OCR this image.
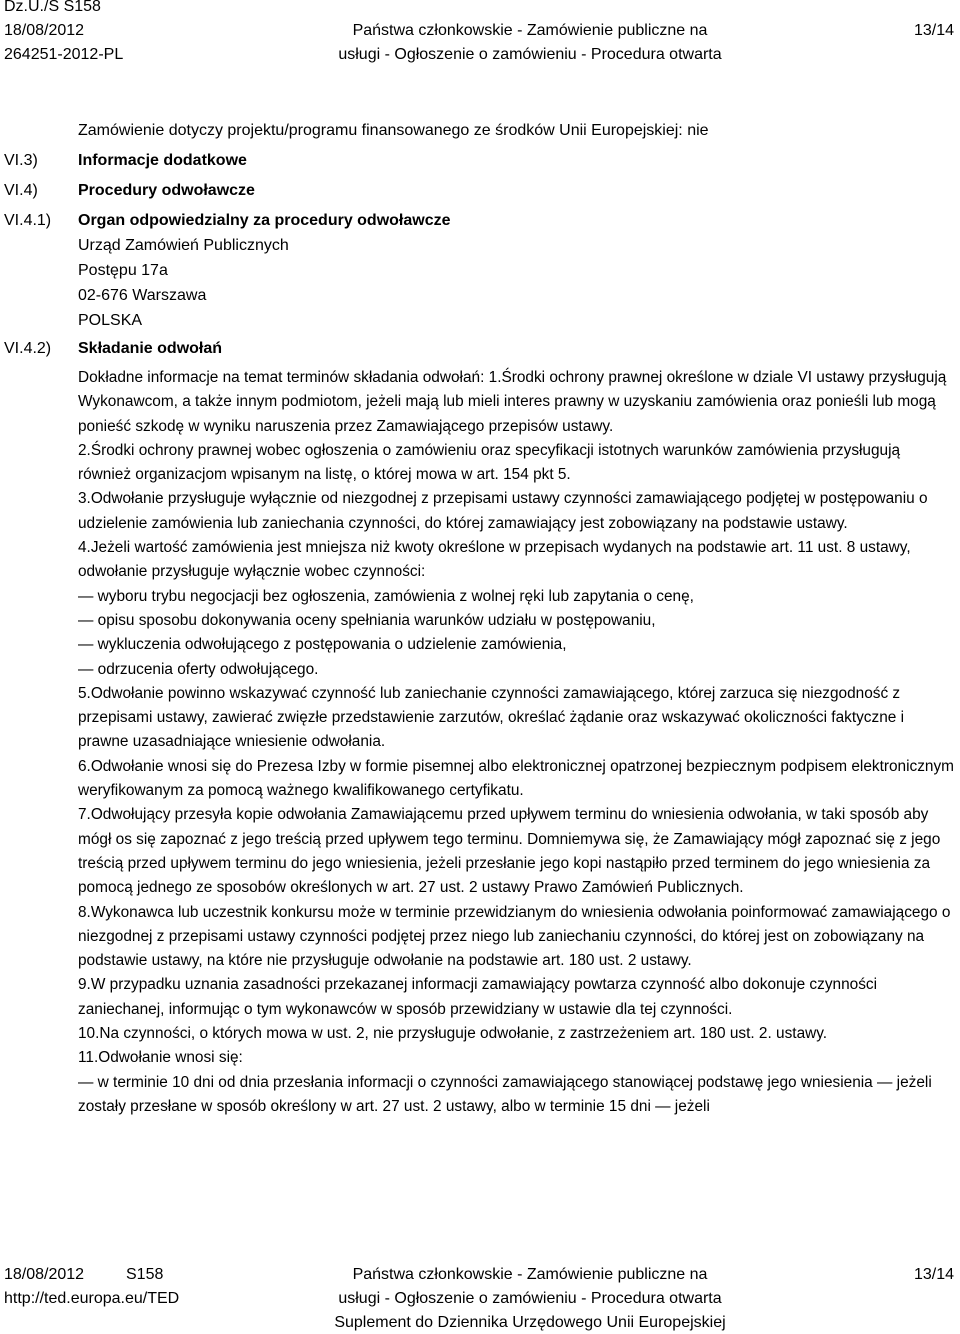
Dz.U./S S158
18/08/2012
264251-2012-PL
Państwa członkowskie - Zamówienie publiczne na
usługi - Ogłoszenie o zamówieniu - Procedura otwarta
13/14
VI.3)
VI.4)
VI.4.1)
VI.4.2)
Zamówienie dotyczy projektu/programu finansowanego ze środków Unii Europejskiej: nie
Informacje dodatkowe
Procedury odwoławcze
Organ odpowiedzialny za procedury odwoławcze
Urząd Zamówień Publicznych
Postępu 17a
02-676 Warszawa
POLSKA
Składanie odwołań

Dokładne informacje na temat terminów składania odwołań: 1.Środki ochrony prawnej określone w dziale VI ustawy przysługują Wykonawcom, a także innym podmiotom, jeżeli mają lub mieli interes prawny w uzyskaniu zamówienia oraz ponieśli lub mogą ponieść szkodę w wyniku naruszenia przez Zamawiającego przepisów ustawy.

2.Środki ochrony prawnej wobec ogłoszenia o zamówieniu oraz specyfikacji istotnych warunków zamówienia przysługują również organizacjom wpisanym na listę, o której mowa w art. 154 pkt 5.

3.Odwołanie przysługuje wyłącznie od niezgodnej z przepisami ustawy czynności zamawiającego podjętej w postępowaniu o udzielenie zamówienia lub zaniechania czynności, do której zamawiający jest zobowiązany na podstawie ustawy.

4.Jeżeli wartość zamówienia jest mniejsza niż kwoty określone w przepisach wydanych na podstawie art. 11 ust. 8 ustawy, odwołanie przysługuje wyłącznie wobec czynności:

— wyboru trybu negocjacji bez ogłoszenia, zamówienia z wolnej ręki lub zapytania o cenę,

— opisu sposobu dokonywania oceny spełniania warunków udziału w postępowaniu,

— wykluczenia odwołującego z postępowania o udzielenie zamówienia,

— odrzucenia oferty odwołującego.

5.Odwołanie powinno wskazywać czynność lub zaniechanie czynności zamawiającego, której zarzuca się niezgodność z przepisami ustawy, zawierać zwięzłe przedstawienie zarzutów, określać żądanie oraz wskazywać okoliczności faktyczne i prawne uzasadniające wniesienie odwołania.

6.Odwołanie wnosi się do Prezesa Izby w formie pisemnej albo elektronicznej opatrzonej bezpiecznym podpisem elektronicznym weryfikowanym za pomocą ważnego kwalifikowanego certyfikatu.

7.Odwołujący przesyła kopie odwołania Zamawiającemu przed upływem terminu do wniesienia odwołania, w taki sposób aby mógł os się zapoznać z jego treścią przed upływem tego terminu. Domniemywa się, że Zamawiający mógł zapoznać się z jego treścią przed upływem terminu do jego wniesienia, jeżeli przesłanie jego kopi nastąpiło przed terminem do jego wniesienia za pomocą jednego ze sposobów określonych w art. 27 ust. 2 ustawy Prawo Zamówień Publicznych.

8.Wykonawca lub uczestnik konkursu może w terminie przewidzianym do wniesienia odwołania poinformować zamawiającego o niezgodnej z przepisami ustawy czynności podjętej przez niego lub zaniechaniu czynności, do której jest on zobowiązany na podstawie ustawy, na które nie przysługuje odwołanie na podstawie art. 180 ust. 2 ustawy.

9.W przypadku uznania zasadności przekazanej informacji zamawiający powtarza czynność albo dokonuje czynności zaniechanej, informując o tym wykonawców w sposób przewidziany w ustawie dla tej czynności.

10.Na czynności, o których mowa w ust. 2, nie przysługuje odwołanie, z zastrzeżeniem art. 180 ust. 2. ustawy.

11.Odwołanie wnosi się:

— w terminie 10 dni od dnia przesłania informacji o czynności zamawiającego stanowiącej podstawę jego wniesienia — jeżeli zostały przesłane w sposób określony w art. 27 ust. 2 ustawy, albo w terminie 15 dni — jeżeli

18/08/2012	S158
http://ted.europa.eu/TED
Państwa członkowskie - Zamówienie publiczne na
usługi - Ogłoszenie o zamówieniu - Procedura otwarta
Suplement do Dziennika Urzędowego Unii Europejskiej
13/14
